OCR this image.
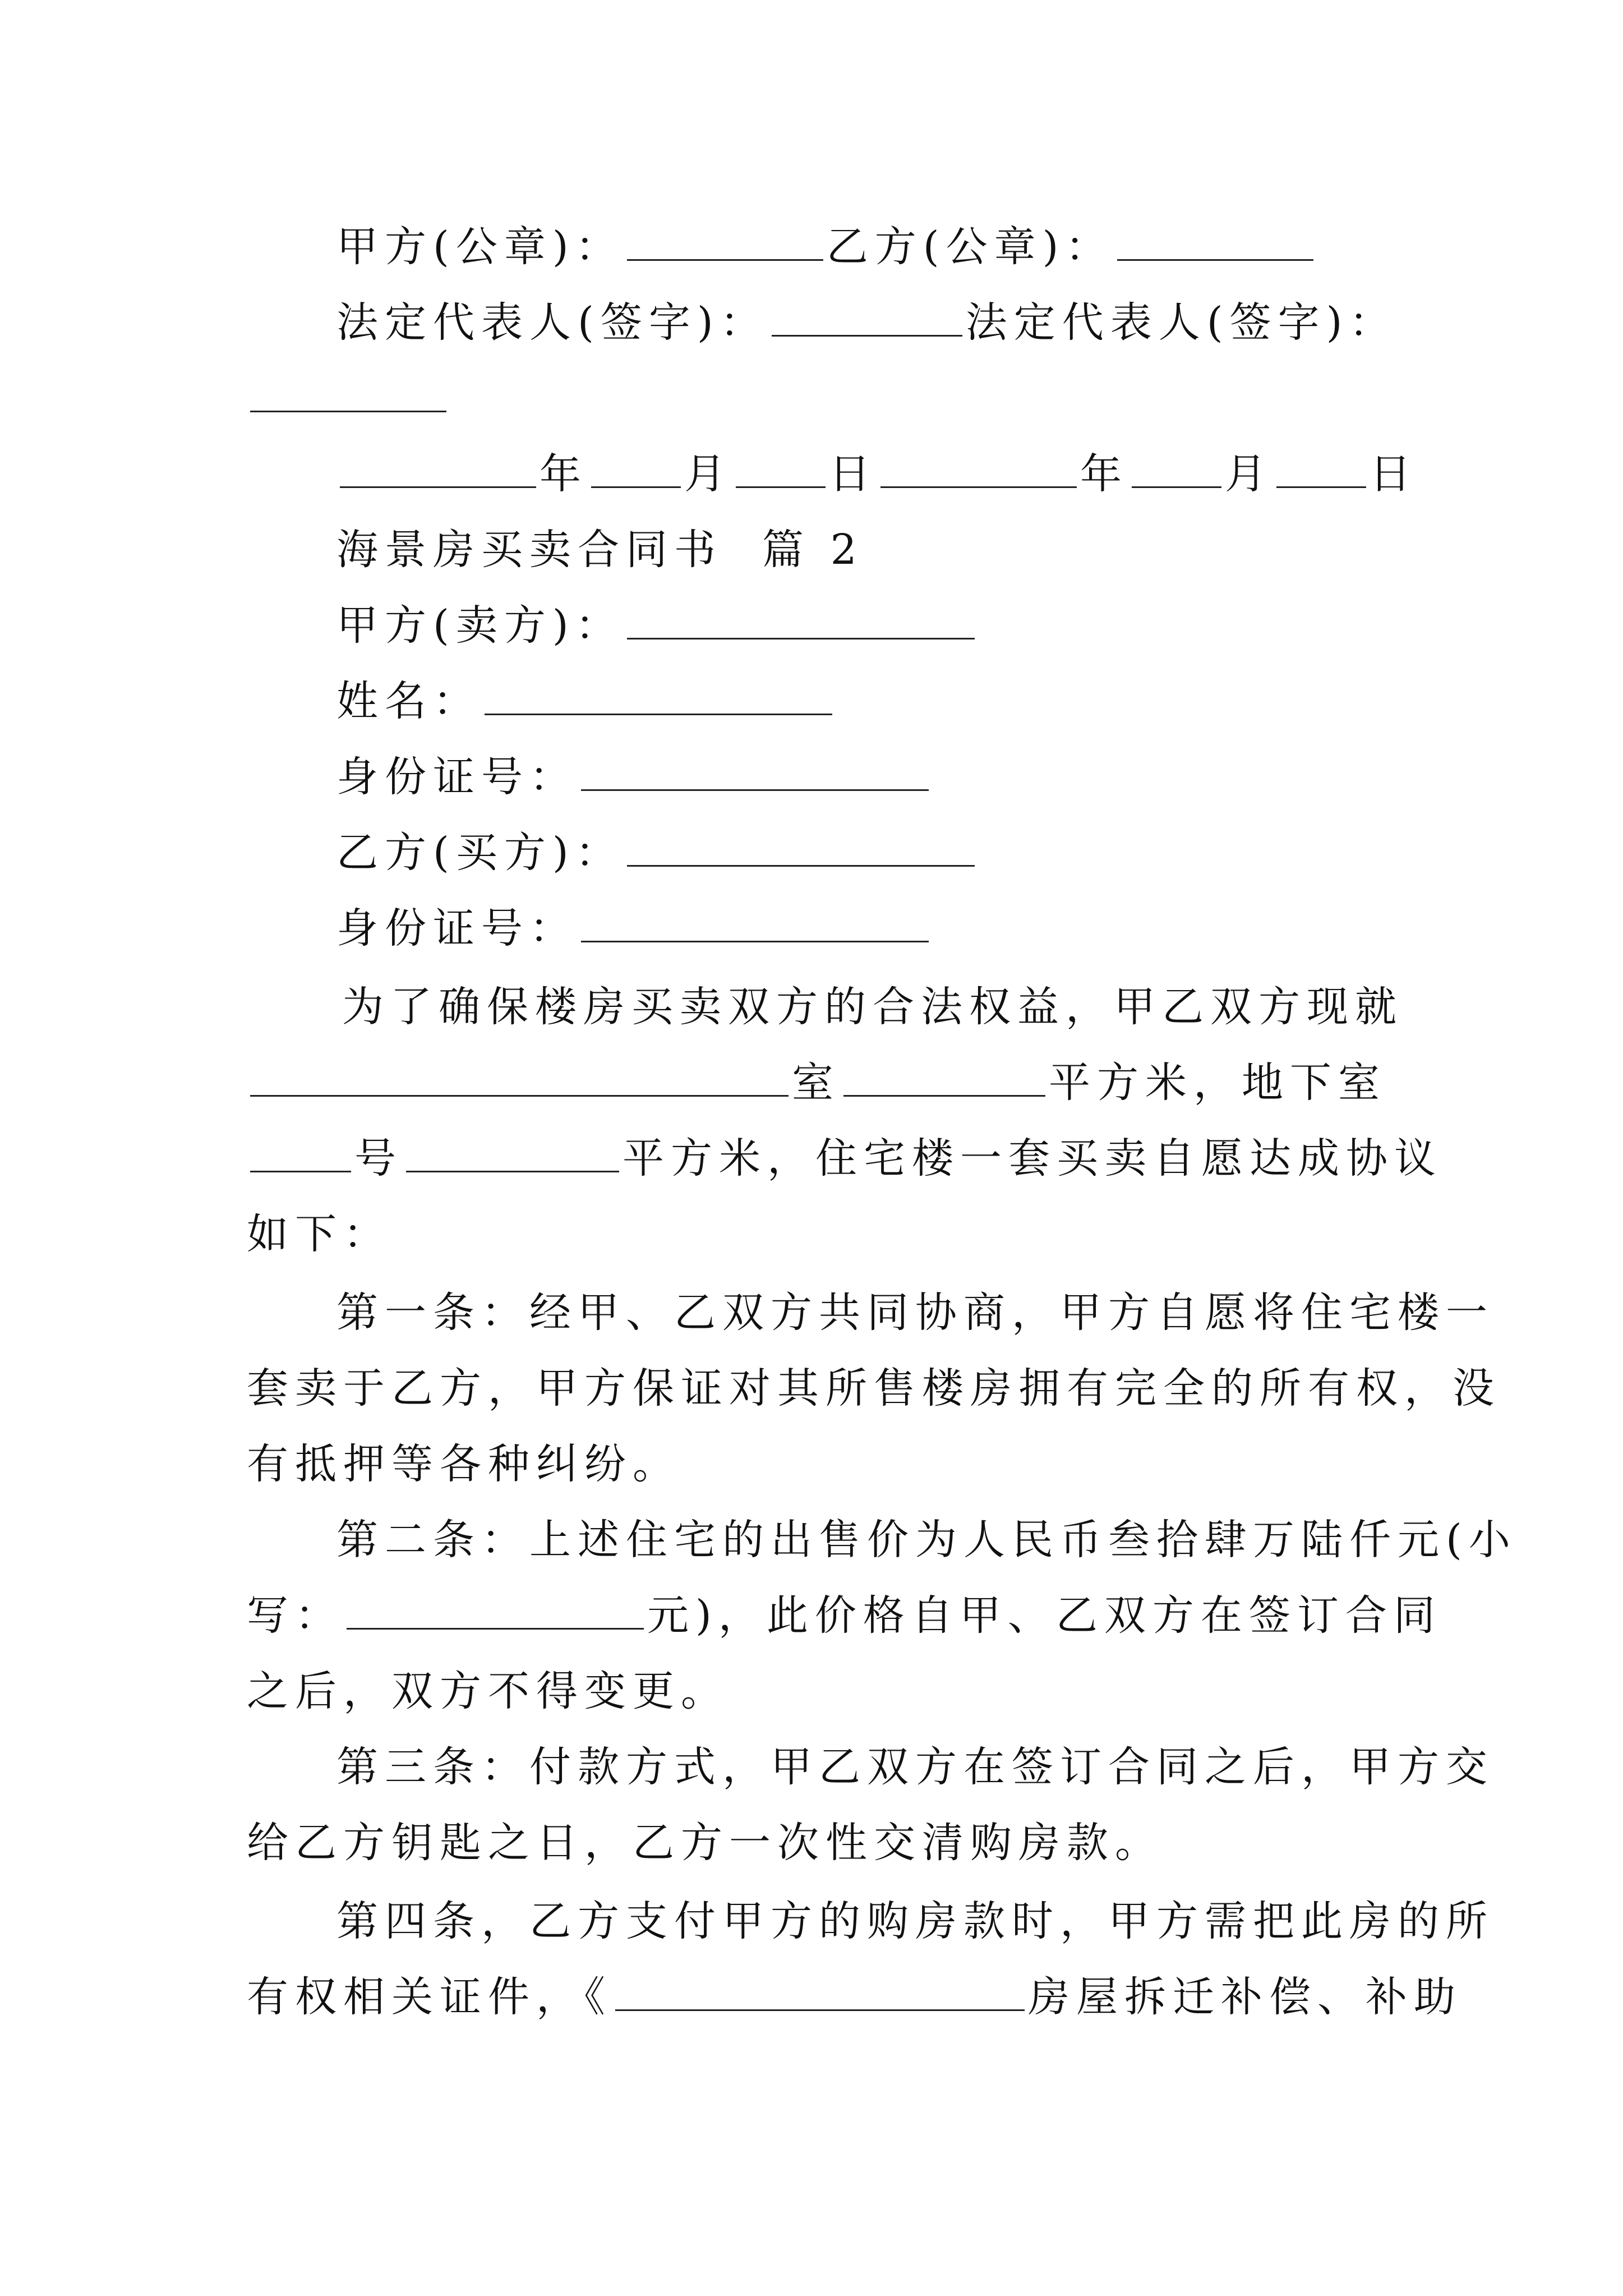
甲方(公章)：	乙方(公章)：
法定代表人(签字)：	法定代表人(签字)：
年 月 日	年 月 日
海景房买卖合同书  篇 2
甲方(卖方)：
姓名：
身份证号：
乙方(买方)：
身份证号：
为了确保楼房买卖双方的合法权益，甲乙双方现就
室	平方米，地下室
号	平方米，住宅楼一套买卖自愿达成协议
如下：
第一条：经甲、乙双方共同协商，甲方自愿将住宅楼一
套卖于乙方，甲方保证对其所售楼房拥有完全的所有权，没
有抵押等各种纠纷。
第二条：上述住宅的出售价为人民币叁拾肆万陆仟元(小
写：	元)，此价格自甲、乙双方在签订合同
之后，双方不得变更。
第三条：付款方式，甲乙双方在签订合同之后，甲方交
给乙方钥匙之日，乙方一次性交清购房款。
第四条，乙方支付甲方的购房款时，甲方需把此房的所
有权相关证件，《	房屋拆迁补偿、补助
